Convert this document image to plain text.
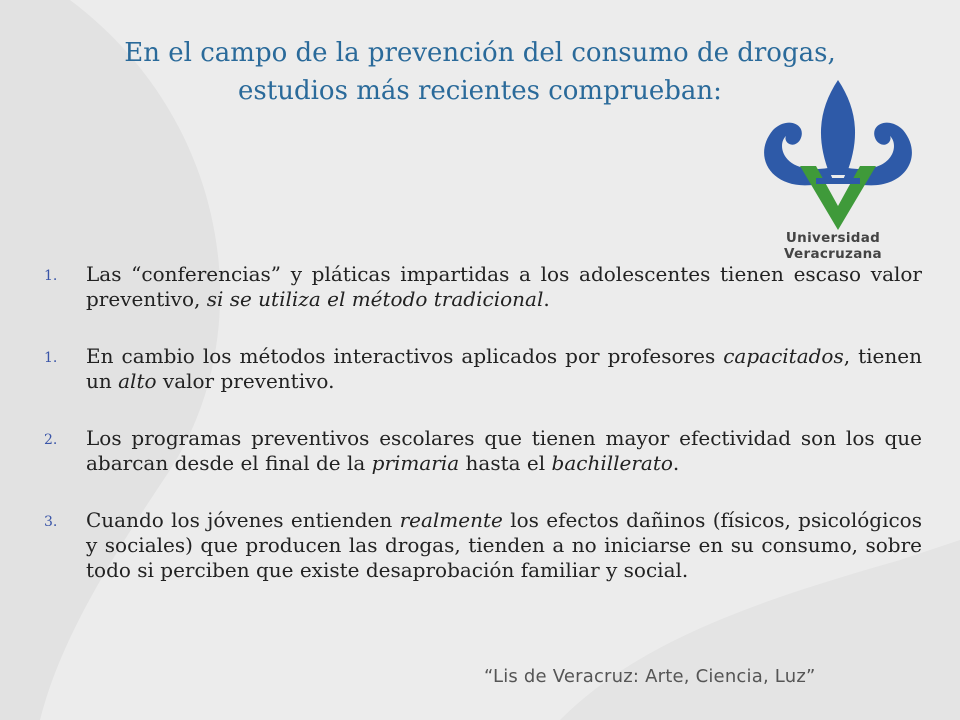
En el campo de la prevención del consumo de drogas,
estudios más recientes comprueban:
Universidad Veracruzana
1.	Las “conferencias” y pláticas impartidas a los adolescentes tienen escaso valor preventivo, si se utiliza el método tradicional.
1.	En cambio los métodos interactivos aplicados por profesores capacitados, tienen un alto valor preventivo.
2.	Los programas preventivos escolares que tienen mayor efectividad son los que abarcan desde el final de la primaria hasta el bachillerato.
3.	Cuando los jóvenes entienden realmente los efectos dañinos (físicos, psicológicos y sociales) que producen las drogas, tienden a no iniciarse en su consumo, sobre todo si perciben que existe desaprobación familiar y social.
“Lis de Veracruz: Arte, Ciencia, Luz”
